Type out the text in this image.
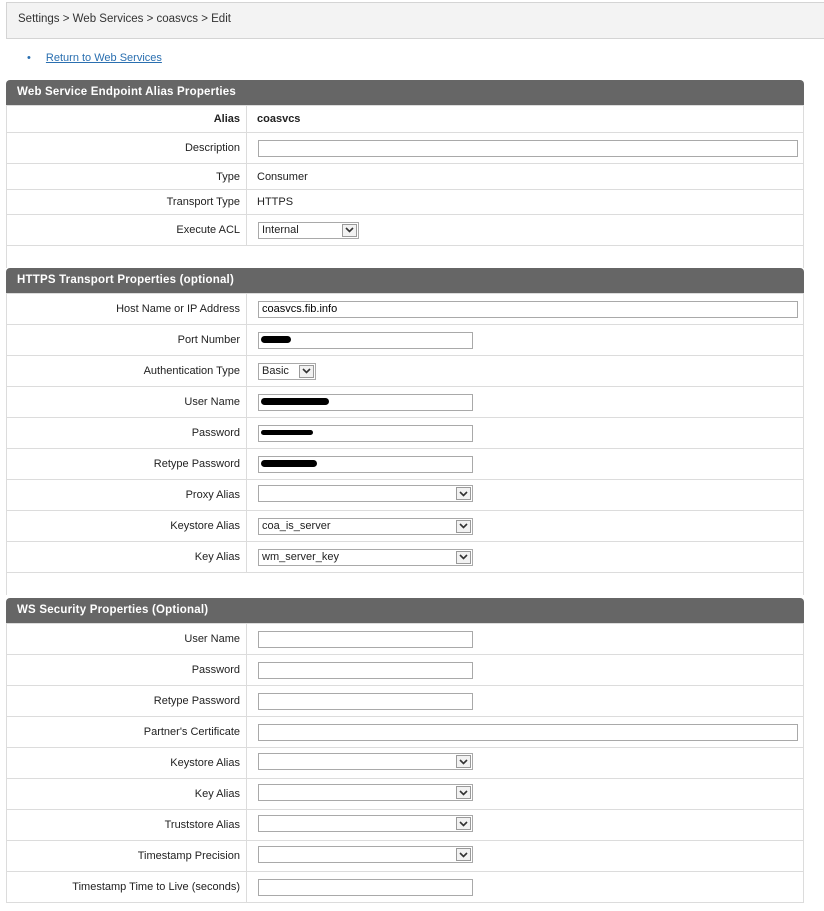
Settings > Web Services > coasvcs > Edit
• Return to Web Services
Web Service Endpoint Alias Properties
Alias	coasvcs
Description	
Type	Consumer
Transport Type	HTTPS
Execute ACL	Internal

HTTPS Transport Properties (optional)
Host Name or IP Address	coasvcs.fib.info
Port Number	

Authentication Type	Basic

User Name	

Password	

Retype Password	

Proxy Alias	

Keystore Alias	coa_is_server

Key Alias	wm_server_key

WS Security Properties (Optional)
User Name	
Password	
Retype Password	
Partner's Certificate	
Keystore Alias	

Key Alias	

Truststore Alias	

Timestamp Precision	

Timestamp Time to Live (seconds)	
